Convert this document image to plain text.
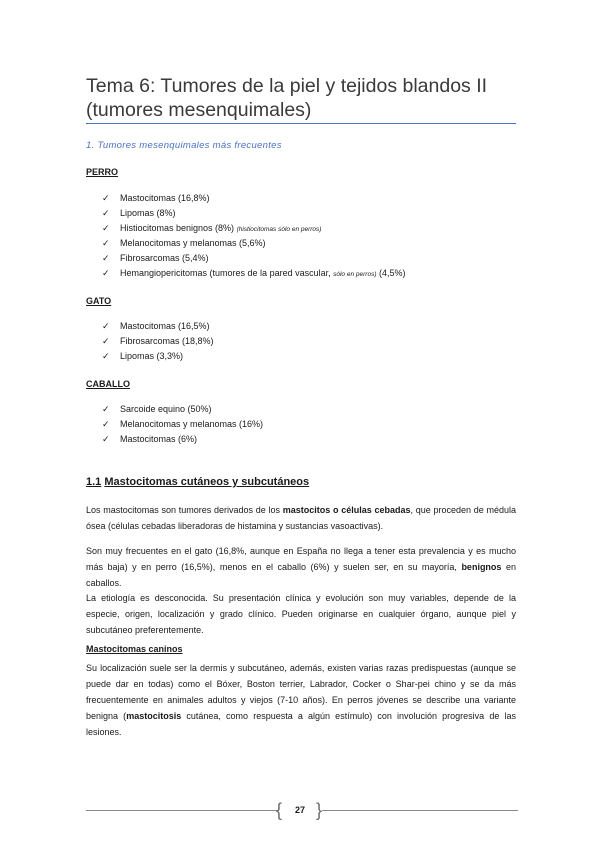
Tema 6: Tumores de la piel y tejidos blandos II (tumores mesenquimales)
1. Tumores mesenquimales más frecuentes
PERRO
✓ Mastocitomas (16,8%)
✓ Lipomas (8%)
✓ Histiocitomas benignos (8%) (histiocitomas sólo en perros)
✓ Melanocitomas y melanomas (5,6%)
✓ Fibrosarcomas (5,4%)
✓ Hemangiopericitomas (tumores de la pared vascular, sólo en perros) (4,5%)
GATO
✓ Mastocitomas (16,5%)
✓ Fibrosarcomas (18,8%)
✓ Lipomas (3,3%)
CABALLO
✓ Sarcoide equino (50%)
✓ Melanocitomas y melanomas (16%)
✓ Mastocitomas (6%)
1.1 Mastocitomas cutáneos y subcutáneos

Los mastocitomas son tumores derivados de los mastocitos o células cebadas, que proceden de médula ósea (células cebadas liberadoras de histamina y sustancias vasoactivas).

Son muy frecuentes en el gato (16,8%, aunque en España no llega a tener esta prevalencia y es mucho más baja) y en perro (16,5%), menos en el caballo (6%) y suelen ser, en su mayoría, benignos en caballos.

La etiología es desconocida. Su presentación clínica y evolución son muy variables, depende de la especie, origen, localización y grado clínico. Pueden originarse en cualquier órgano, aunque piel y subcutáneo preferentemente.

Mastocitomas caninos

Su localización suele ser la dermis y subcutáneo, además, existen varias razas predispuestas (aunque se puede dar en todas) como el Bóxer, Boston terrier, Labrador, Cocker o Shar-pei chino y se da más frecuentemente en animales adultos y viejos (7-10 años). En perros jóvenes se describe una variante benigna (mastocitosis cutánea, como respuesta a algún estímulo) con involución progresiva de las lesiones.

{ }
27
